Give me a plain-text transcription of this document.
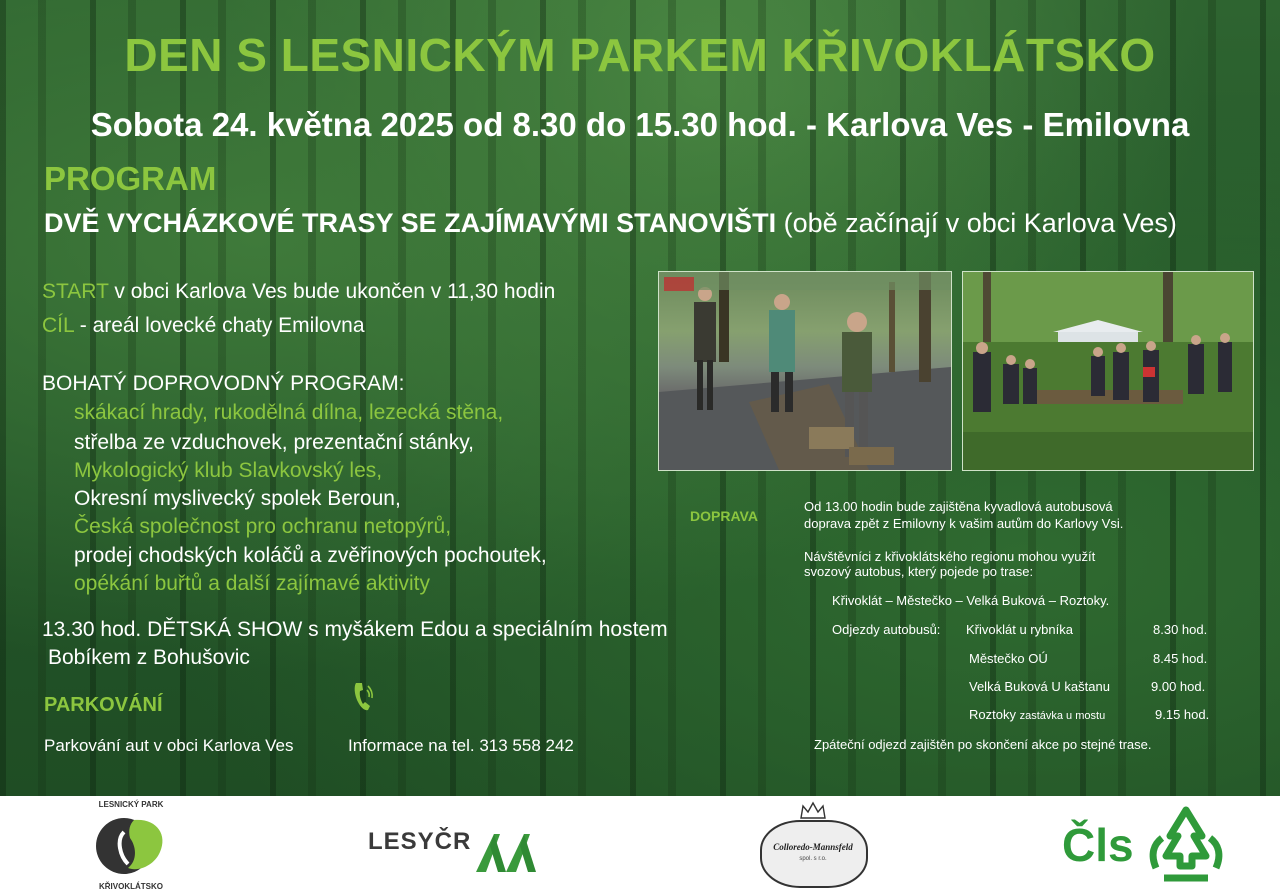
DEN S LESNICKÝM PARKEM KŘIVOKLÁTSKO
Sobota 24. května 2025 od 8.30 do 15.30 hod. - Karlova Ves - Emilovna
PROGRAM
DVĚ VYCHÁZKOVÉ TRASY SE ZAJÍMAVÝMI STANOVIŠTI (obě začínají v obci Karlova Ves)
START v obci Karlova Ves bude ukončen v 11,30 hodin
CÍL - areál lovecké chaty Emilovna
BOHATÝ DOPROVODNÝ PROGRAM:
skákací hrady, rukodělná dílna, lezecká stěna,
střelba ze vzduchovek, prezentační stánky,
Mykologický klub Slavkovský les,
Okresní myslivecký spolek Beroun,
Česká společnost pro ochranu netopýrů,
prodej chodských koláčů a zvěřinových pochoutek,
opékání buřtů a další zajímavé aktivity
13.30 hod. DĚTSKÁ SHOW s myšákem Edou a speciálním hostem
Bobíkem z Bohušovic
PARKOVÁNÍ
Parkování aut v obci Karlova Ves	Informace na tel. 313 558 242
DOPRAVA
Od 13.00 hodin bude zajištěna kyvadlová autobusová
doprava zpět z Emilovny k vašim autům do Karlovy Vsi.
Návštěvníci z křivoklátského regionu mohou využít
svozový autobus, který pojede po trase:
Křivoklát – Městečko – Velká Buková – Roztoky.
Odjezdy autobusů: Křivoklát u rybníka	8.30 hod.
Městečko OÚ	8.45 hod.
Velká Buková U kaštanu	9.00 hod.
Roztoky zastávka u mostu	9.15 hod.
Zpáteční odjezd zajištěn po skončení akce po stejné trase.
LESNICKÝ PARK
KŘIVOKLÁTSKO
LESYČR	Colloredo-Mannsfeld
spol. s r.o.	Čls
